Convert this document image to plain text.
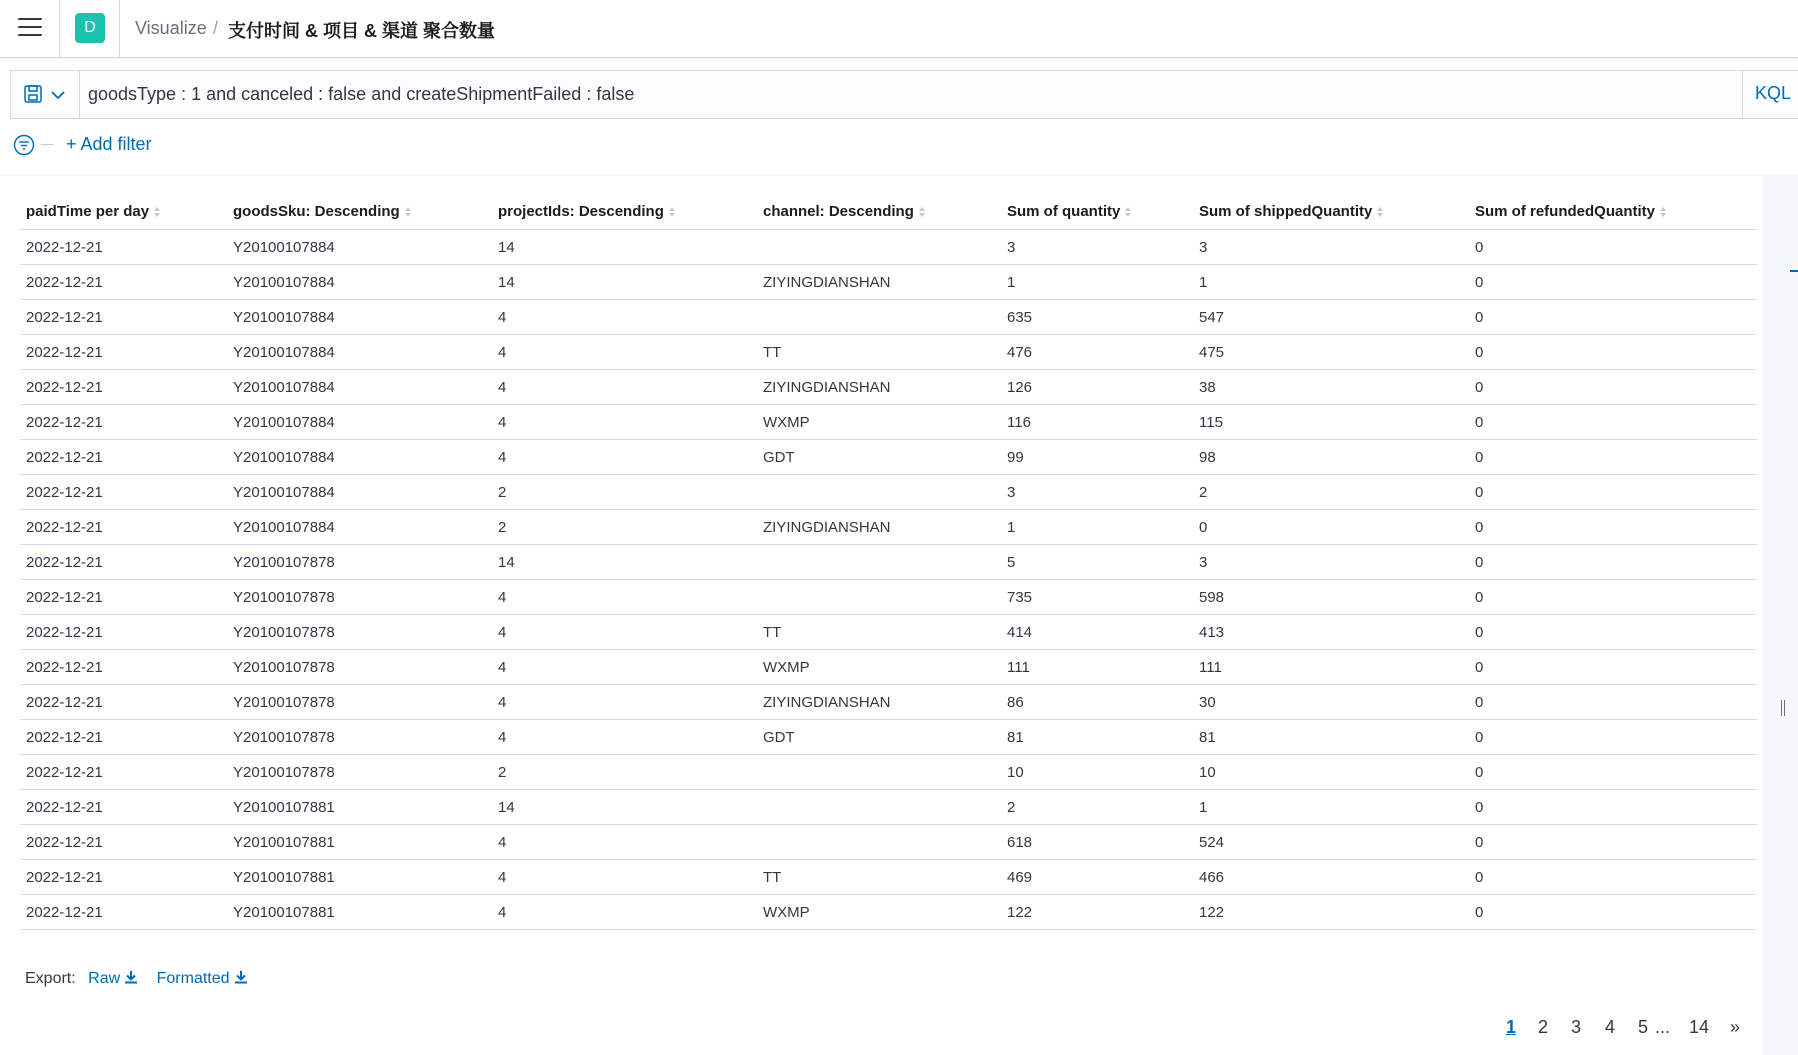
D	Visualize / 支付时间 & 项目 & 渠道 聚合数量
goodsType : 1 and canceled : false and createShipmentFailed : false
KQL
+ Add filter
paidTime per day	goodsSku: Descending	projectIds: Descending	channel: Descending	Sum of quantity	Sum of shippedQuantity	Sum of refundedQuantity
2022-12-21	Y20100107884	14		3	3	0
2022-12-21	Y20100107884	14	ZIYINGDIANSHAN	1	1	0
2022-12-21	Y20100107884	4		635	547	0
2022-12-21	Y20100107884	4	TT	476	475	0
2022-12-21	Y20100107884	4	ZIYINGDIANSHAN	126	38	0
2022-12-21	Y20100107884	4	WXMP	116	115	0
2022-12-21	Y20100107884	4	GDT	99	98	0
2022-12-21	Y20100107884	2		3	2	0
2022-12-21	Y20100107884	2	ZIYINGDIANSHAN	1	0	0
2022-12-21	Y20100107878	14		5	3	0
2022-12-21	Y20100107878	4		735	598	0
2022-12-21	Y20100107878	4	TT	414	413	0
2022-12-21	Y20100107878	4	WXMP	111	111	0
2022-12-21	Y20100107878	4	ZIYINGDIANSHAN	86	30	0
2022-12-21	Y20100107878	4	GDT	81	81	0
2022-12-21	Y20100107878	2		10	10	0
2022-12-21	Y20100107881	14		2	1	0
2022-12-21	Y20100107881	4		618	524	0
2022-12-21	Y20100107881	4	TT	469	466	0
2022-12-21	Y20100107881	4	WXMP	122	122	0
Export: Raw Formatted
1 2 3 4 5 ... 14 »
